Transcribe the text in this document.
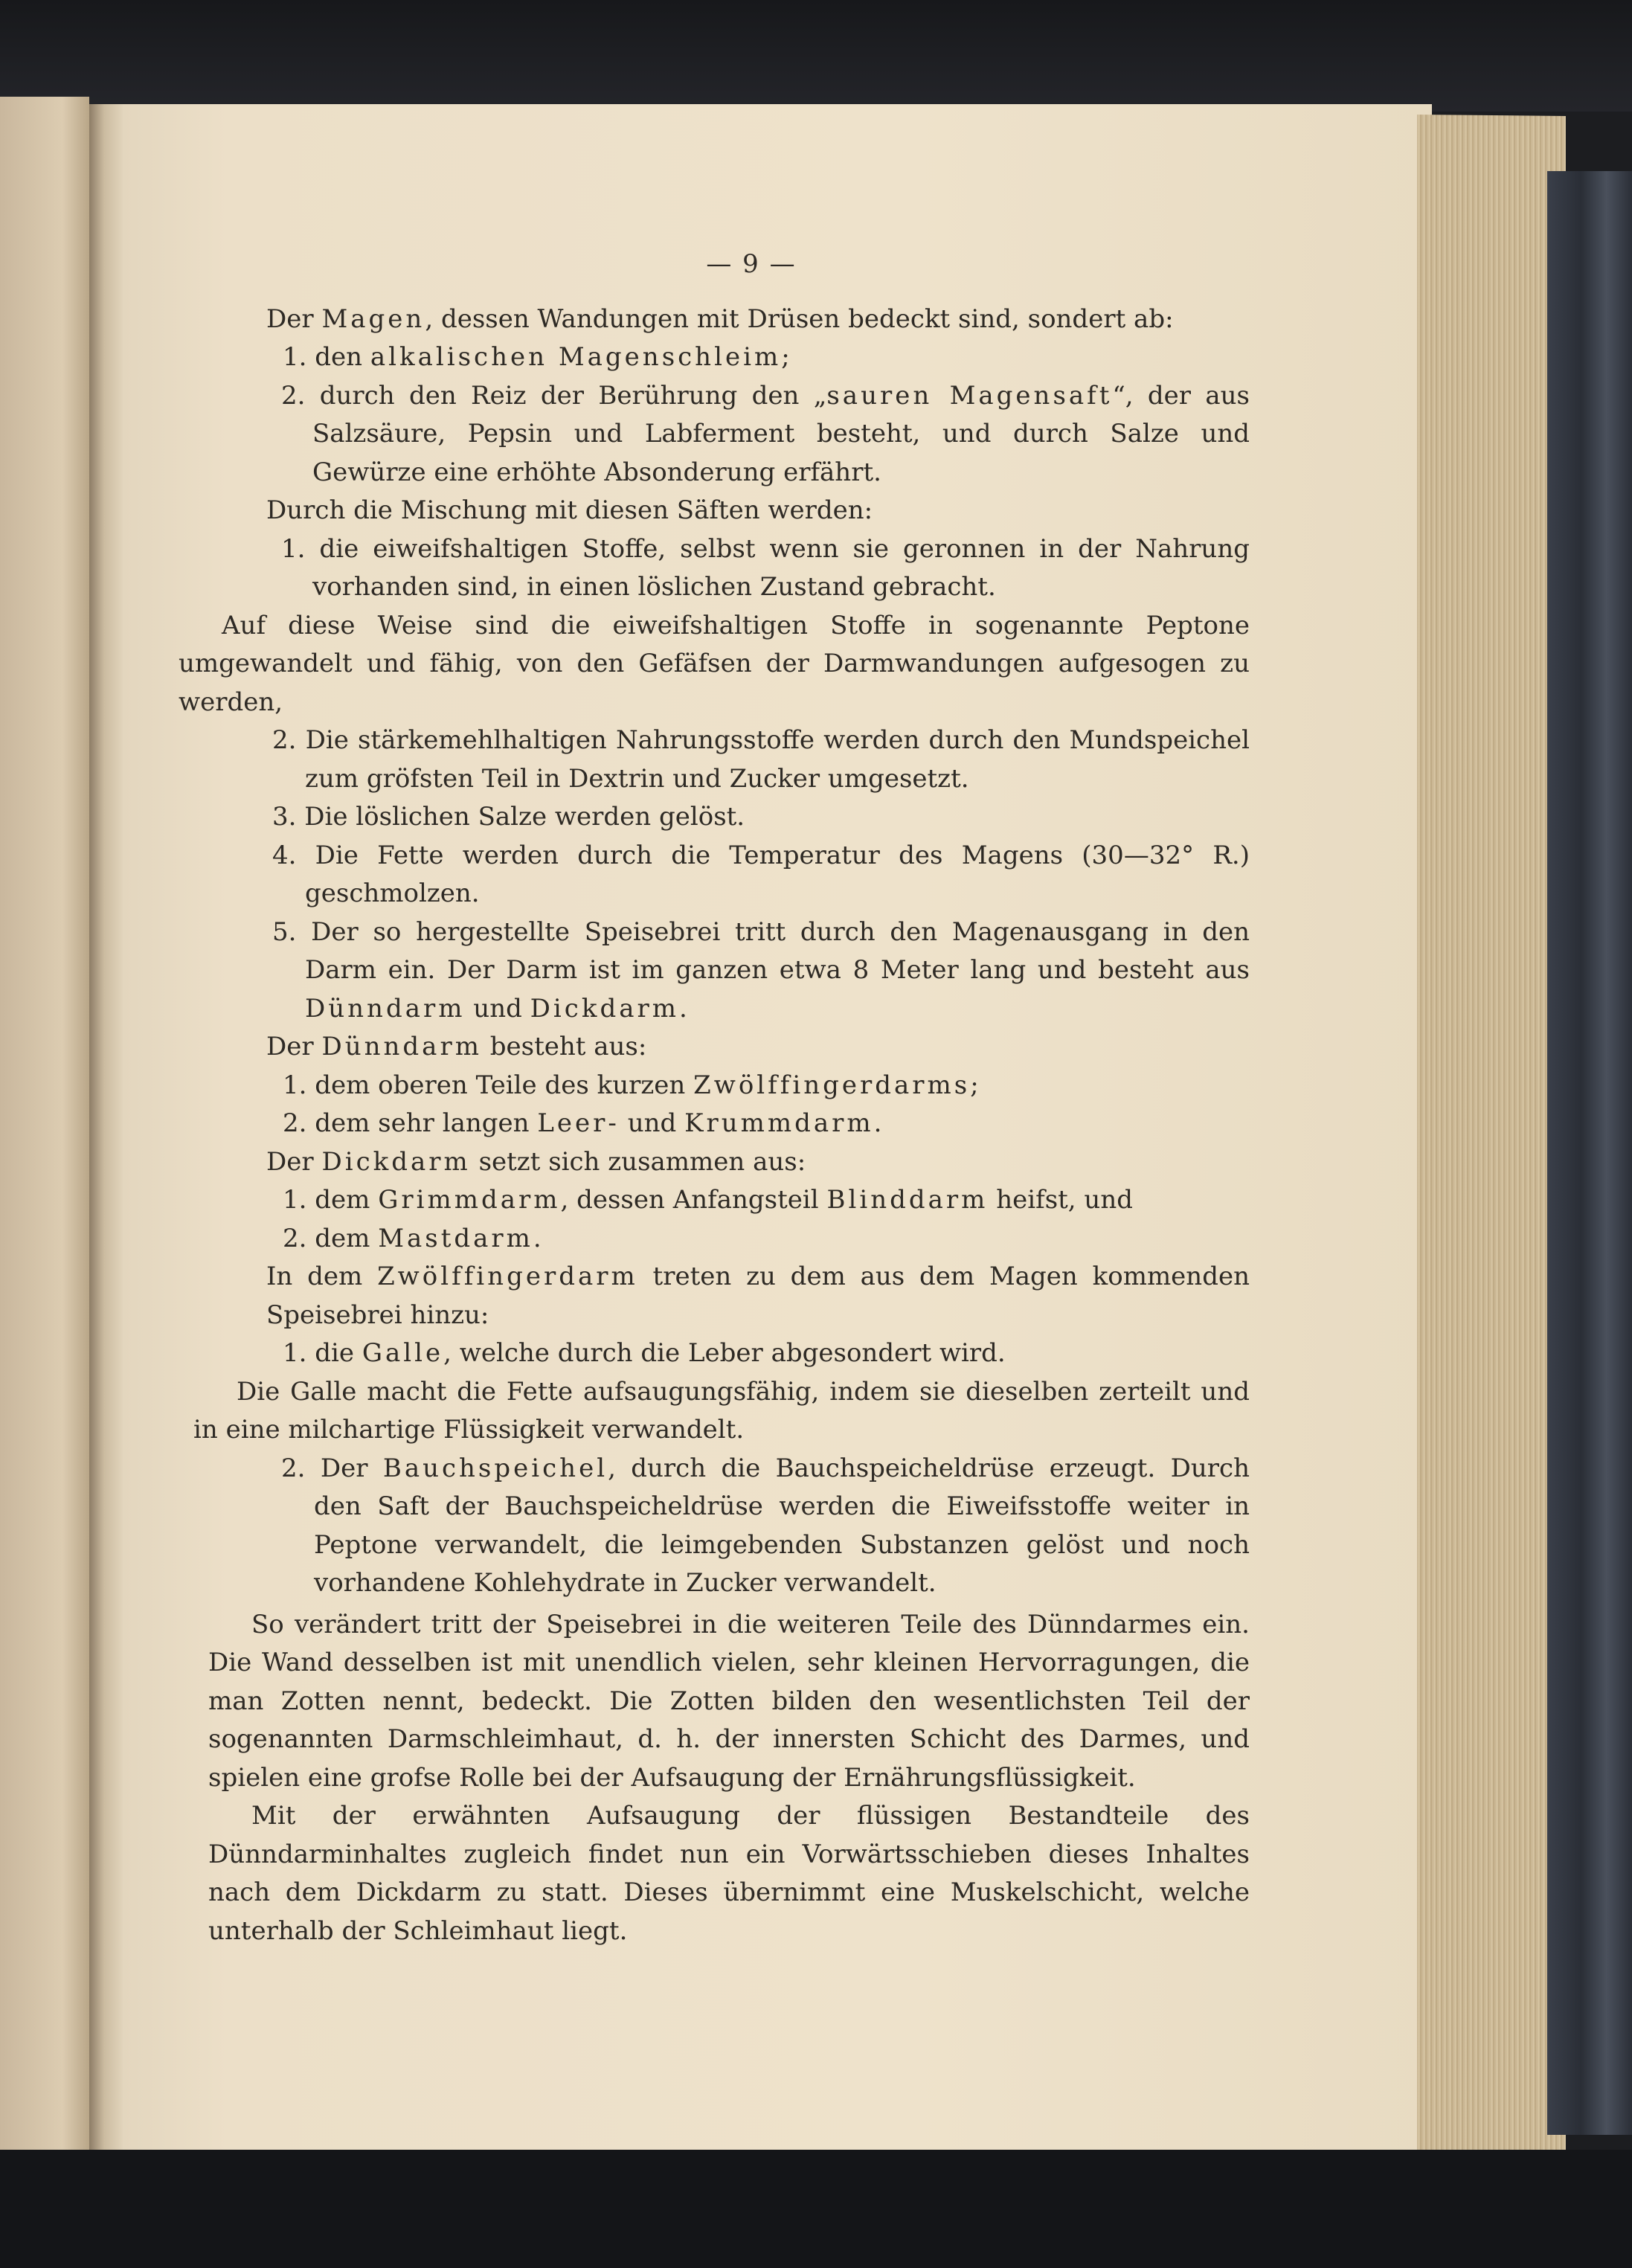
— 9 —

Der Magen, dessen Wandungen mit Drüsen bedeckt sind, sondert ab:

1. den alkalischen Magenschleim;

2. durch den Reiz der Berührung den „sauren Magensaft“, der aus Salzsäure, Pepsin und Labferment besteht, und durch Salze und Gewürze eine erhöhte Absonderung erfährt.

Durch die Mischung mit diesen Säften werden:

1. die eiweifshaltigen Stoffe, selbst wenn sie geronnen in der Nahrung vorhanden sind, in einen löslichen Zustand gebracht.

Auf diese Weise sind die eiweifshaltigen Stoffe in sogenannte Peptone umgewandelt und fähig, von den Gefäfsen der Darmwandungen aufgesogen zu werden,

2. Die stärkemehlhaltigen Nahrungsstoffe werden durch den Mundspeichel zum gröfsten Teil in Dextrin und Zucker umgesetzt.

3. Die löslichen Salze werden gelöst.

4. Die Fette werden durch die Temperatur des Magens (30—32° R.) geschmolzen.

5. Der so hergestellte Speisebrei tritt durch den Magenausgang in den Darm ein. Der Darm ist im ganzen etwa 8 Meter lang und besteht aus Dünndarm und Dickdarm.

Der Dünndarm besteht aus:

1. dem oberen Teile des kurzen Zwölffingerdarms;

2. dem sehr langen Leer- und Krummdarm.

Der Dickdarm setzt sich zusammen aus:

1. dem Grimmdarm, dessen Anfangsteil Blinddarm heifst, und

2. dem Mastdarm.

In dem Zwölffingerdarm treten zu dem aus dem Magen kommenden Speisebrei hinzu:

1. die Galle, welche durch die Leber abgesondert wird.

Die Galle macht die Fette aufsaugungsfähig, indem sie dieselben zerteilt und in eine milchartige Flüssigkeit verwandelt.

2. Der Bauchspeichel, durch die Bauchspeicheldrüse erzeugt. Durch den Saft der Bauchspeicheldrüse werden die Eiweifsstoffe weiter in Peptone verwandelt, die leimgebenden Substanzen gelöst und noch vorhandene Kohlehydrate in Zucker verwandelt.

So verändert tritt der Speisebrei in die weiteren Teile des Dünndarmes ein. Die Wand desselben ist mit unendlich vielen, sehr kleinen Hervorragungen, die man Zotten nennt, bedeckt. Die Zotten bilden den wesentlichsten Teil der sogenannten Darmschleimhaut, d. h. der innersten Schicht des Darmes, und spielen eine grofse Rolle bei der Aufsaugung der Ernährungsflüssigkeit.

Mit der erwähnten Aufsaugung der flüssigen Bestandteile des Dünndarminhaltes zugleich findet nun ein Vorwärtsschieben dieses Inhaltes nach dem Dickdarm zu statt. Dieses übernimmt eine Muskelschicht, welche unterhalb der Schleimhaut liegt.
